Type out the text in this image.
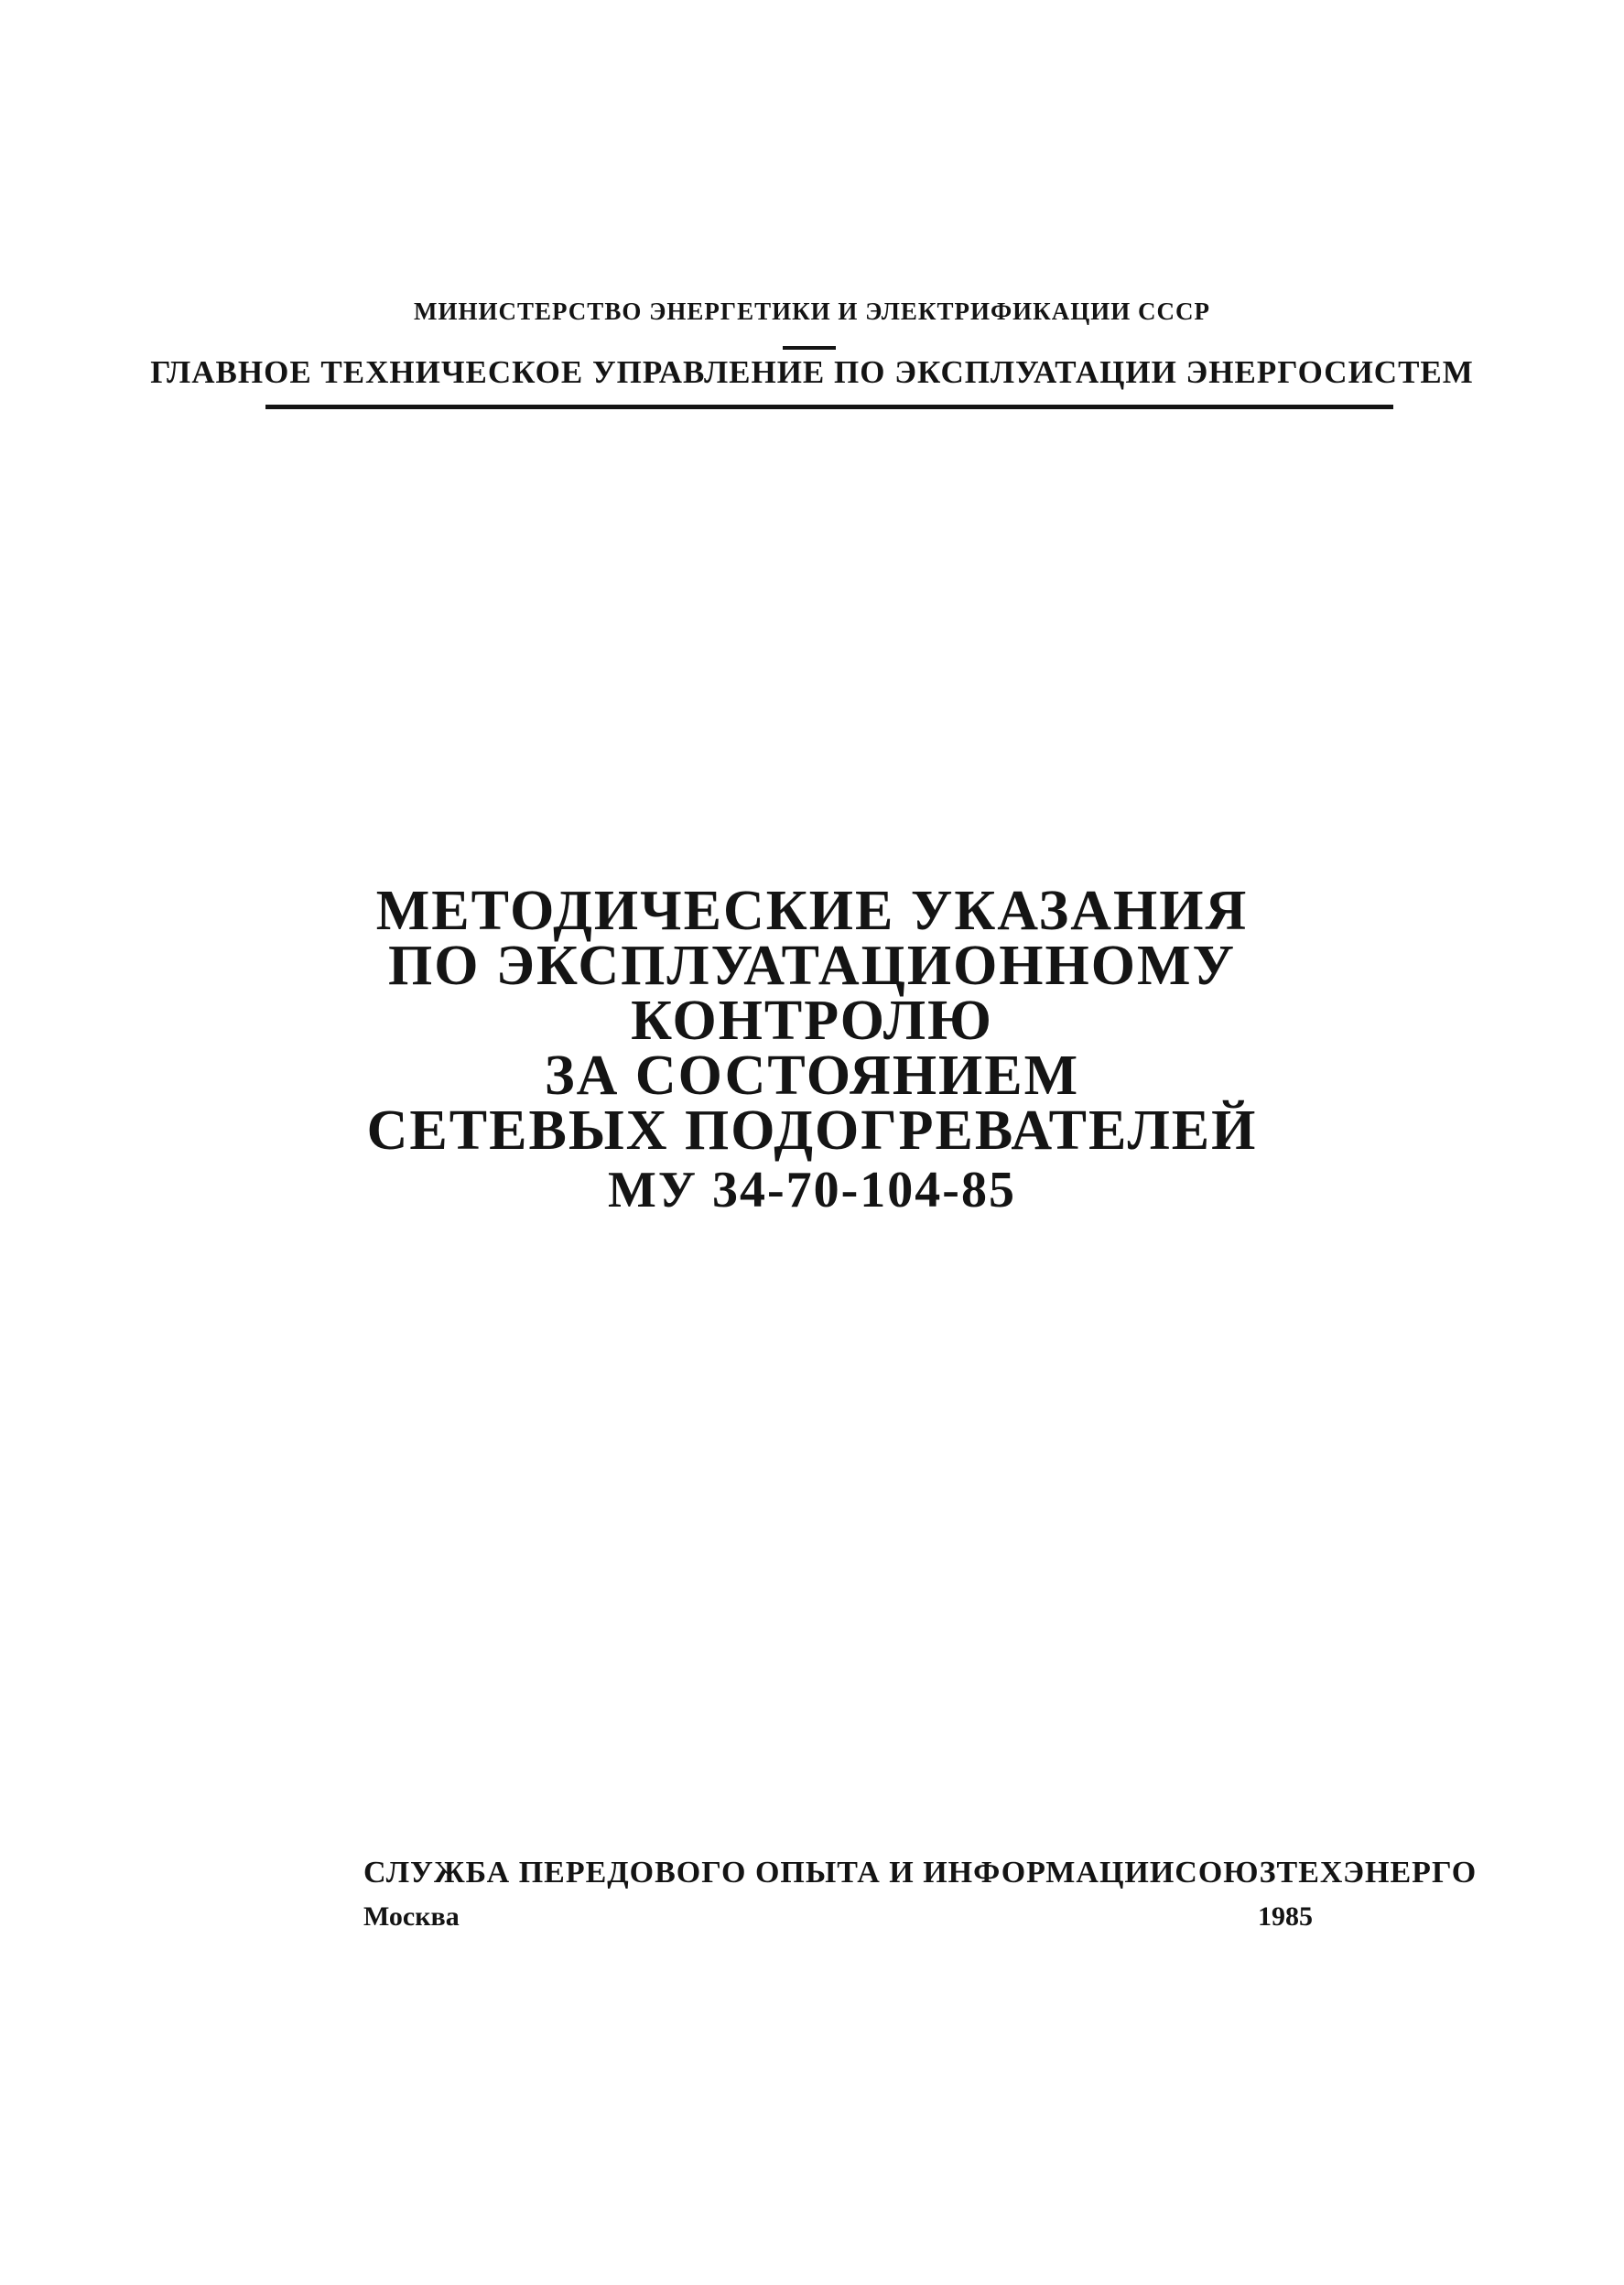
МИНИСТЕРСТВО ЭНЕРГЕТИКИ И ЭЛЕКТРИФИКАЦИИ СССР
ГЛАВНОЕ ТЕХНИЧЕСКОЕ УПРАВЛЕНИЕ ПО ЭКСПЛУАТАЦИИ ЭНЕРГОСИСТЕМ
МЕТОДИЧЕСКИЕ УКАЗАНИЯ
ПО ЭКСПЛУАТАЦИОННОМУ
КОНТРОЛЮ
ЗА СОСТОЯНИЕМ
СЕТЕВЫХ ПОДОГРЕВАТЕЛЕЙ
МУ 34-70-104-85
СЛУЖБА ПЕРЕДОВОГО ОПЫТА И ИНФОРМАЦИИ СОЮЗТЕХЭНЕРГО
Москва	1985
